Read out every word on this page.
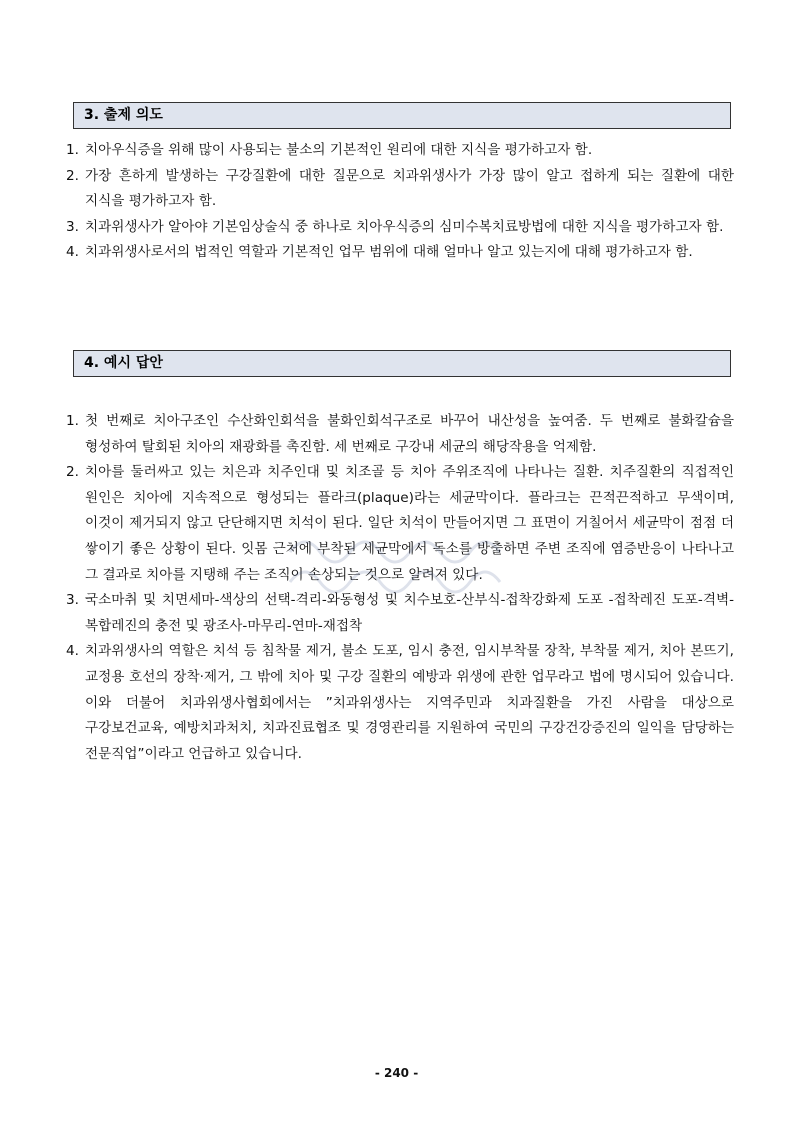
3. 출제 의도
1. 치아우식증을 위해 많이 사용되는 불소의 기본적인 원리에 대한 지식을 평가하고자 함.
2. 가장 흔하게 발생하는 구강질환에 대한 질문으로 치과위생사가 가장 많이 알고 접하게 되는 질환에 대한 지식을 평가하고자 함.
3. 치과위생사가 알아야 기본임상술식 중 하나로 치아우식증의 심미수복치료방법에 대한 지식을 평가하고자 함.
4. 치과위생사로서의 법적인 역할과 기본적인 업무 범위에 대해 얼마나 알고 있는지에 대해 평가하고자 함.
4. 예시 답안
1. 첫 번째로 치아구조인 수산화인회석을 불화인회석구조로 바꾸어 내산성을 높여줌. 두 번째로 불화칼슘을 형성하여 탈회된 치아의 재광화를 촉진함. 세 번째로 구강내 세균의 해당작용을 억제함.
2. 치아를 둘러싸고 있는 치은과 치주인대 및 치조골 등 치아 주위조직에 나타나는 질환. 치주질환의 직접적인 원인은 치아에 지속적으로 형성되는 플라크(plaque)라는 세균막이다. 플라크는 끈적끈적하고 무색이며, 이것이 제거되지 않고 단단해지면 치석이 된다. 일단 치석이 만들어지면 그 표면이 거칠어서 세균막이 점점 더 쌓이기 좋은 상황이 된다. 잇몸 근처에 부착된 세균막에서 독소를 방출하면 주변 조직에 염증반응이 나타나고 그 결과로 치아를 지탱해 주는 조직이 손상되는 것으로 알려져 있다.
3. 국소마취 및 치면세마-색상의 선택-격리-와동형성 및 치수보호-산부식-접착강화제 도포 -접착레진 도포-격벽-복합레진의 충전 및 광조사-마무리-연마-재접착
4. 치과위생사의 역할은 치석 등 침착물 제거, 불소 도포, 임시 충전, 임시부착물 장착, 부착물 제거, 치아 본뜨기, 교정용 호선의 장착·제거, 그 밖에 치아 및 구강 질환의 예방과 위생에 관한 업무라고 법에 명시되어 있습니다. 이와 더불어 치과위생사협회에서는 ”치과위생사는 지역주민과 치과질환을 가진 사람을 대상으로 구강보건교육, 예방치과처치, 치과진료협조 및 경영관리를 지원하여 국민의 구강건강증진의 일익을 담당하는 전문직업”이라고 언급하고 있습니다.
- 240 -
